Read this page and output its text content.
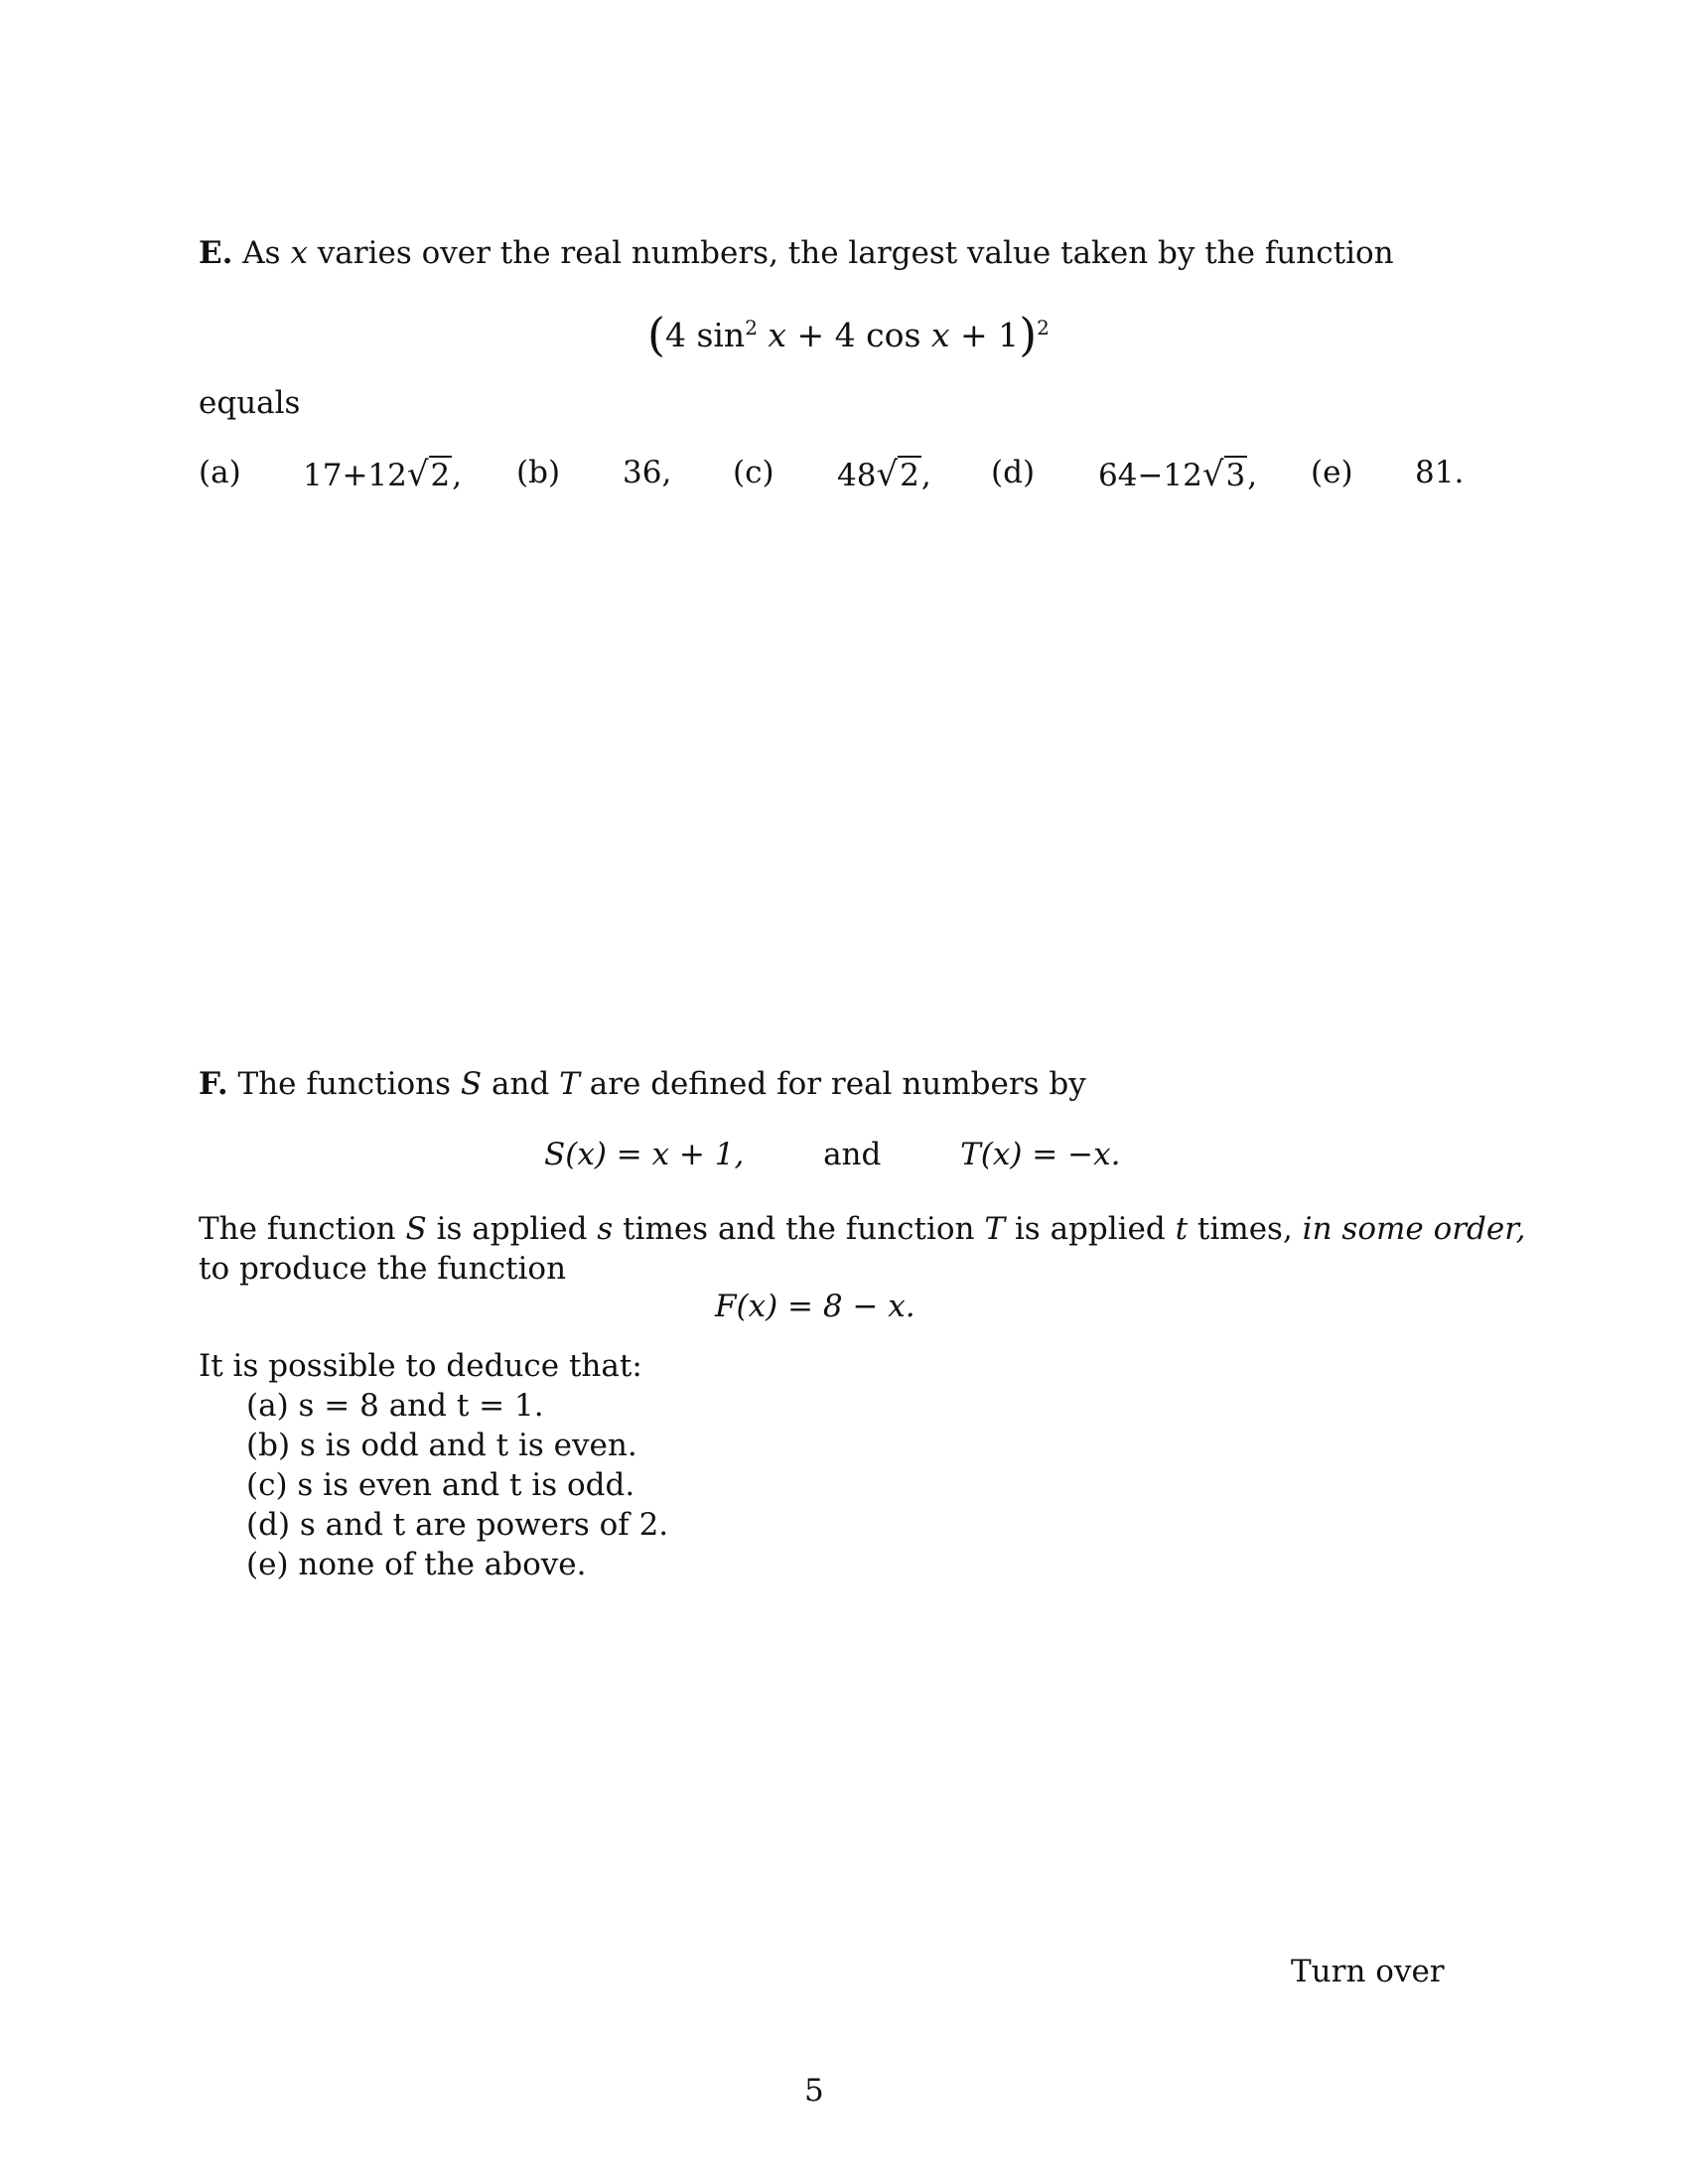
E. As x varies over the real numbers, the largest value taken by the function
(4 $\sin^2 x + 4$ cos x + 1)$^2$
equals
(a) 17+12√2, (b) 36, (c) 48√2, (d) 64−12√3, (e) 81.
F. The functions S and T are defined for real numbers by
S(x) = x + 1,	and	T(x) = −x.
The function S is applied s times and the function T is applied t times, in some order,
to produce the function
F(x) = 8 − x.
It is possible to deduce that:
(a) s = 8 and t = 1.
(b) s is odd and t is even.
(c) s is even and t is odd.
(d) s and t are powers of 2.
(e) none of the above.
Turn over
5
